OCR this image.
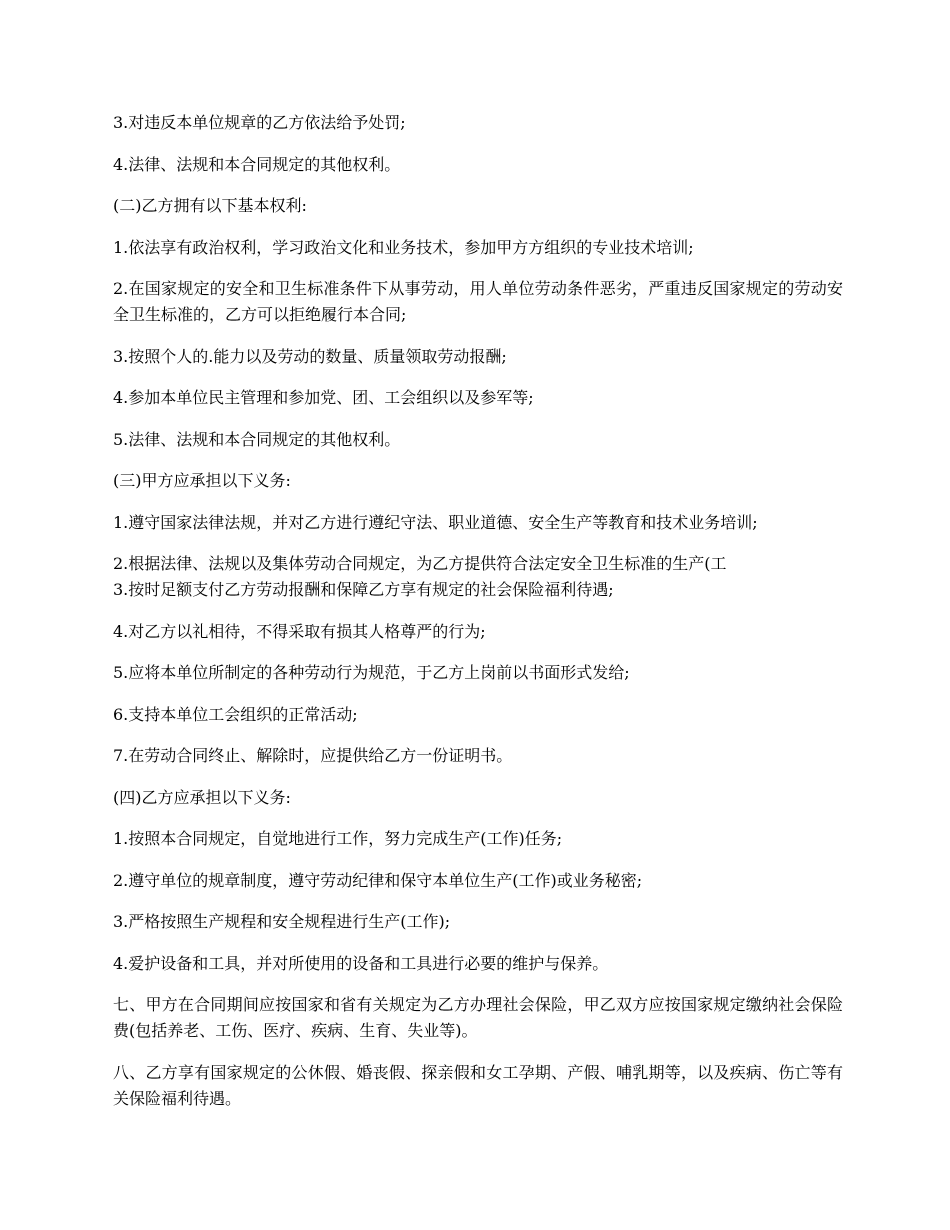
3.对违反本单位规章的乙方依法给予处罚;

4.法律、法规和本合同规定的其他权利。

(二)乙方拥有以下基本权利:

1.依法享有政治权利，学习政治文化和业务技术，参加甲方方组织的专业技术培训;

2.在国家规定的安全和卫生标准条件下从事劳动，用人单位劳动条件恶劣，严重违反国家规定的劳动安全卫生标准的，乙方可以拒绝履行本合同;

3.按照个人的.能力以及劳动的数量、质量领取劳动报酬;

4.参加本单位民主管理和参加党、团、工会组织以及参军等;

5.法律、法规和本合同规定的其他权利。

(三)甲方应承担以下义务:

1.遵守国家法律法规，并对乙方进行遵纪守法、职业道德、安全生产等教育和技术业务培训;

2.根据法律、法规以及集体劳动合同规定，为乙方提供符合法定安全卫生标准的生产(工

3.按时足额支付乙方劳动报酬和保障乙方享有规定的社会保险福利待遇;

4.对乙方以礼相待，不得采取有损其人格尊严的行为;

5.应将本单位所制定的各种劳动行为规范，于乙方上岗前以书面形式发给;

6.支持本单位工会组织的正常活动;

7.在劳动合同终止、解除时，应提供给乙方一份证明书。

(四)乙方应承担以下义务:

1.按照本合同规定，自觉地进行工作，努力完成生产(工作)任务;

2.遵守单位的规章制度，遵守劳动纪律和保守本单位生产(工作)或业务秘密;

3.严格按照生产规程和安全规程进行生产(工作);

4.爱护设备和工具，并对所使用的设备和工具进行必要的维护与保养。

七、甲方在合同期间应按国家和省有关规定为乙方办理社会保险，甲乙双方应按国家规定缴纳社会保险费(包括养老、工伤、医疗、疾病、生育、失业等)。

八、乙方享有国家规定的公休假、婚丧假、探亲假和女工孕期、产假、哺乳期等，以及疾病、伤亡等有关保险福利待遇。
